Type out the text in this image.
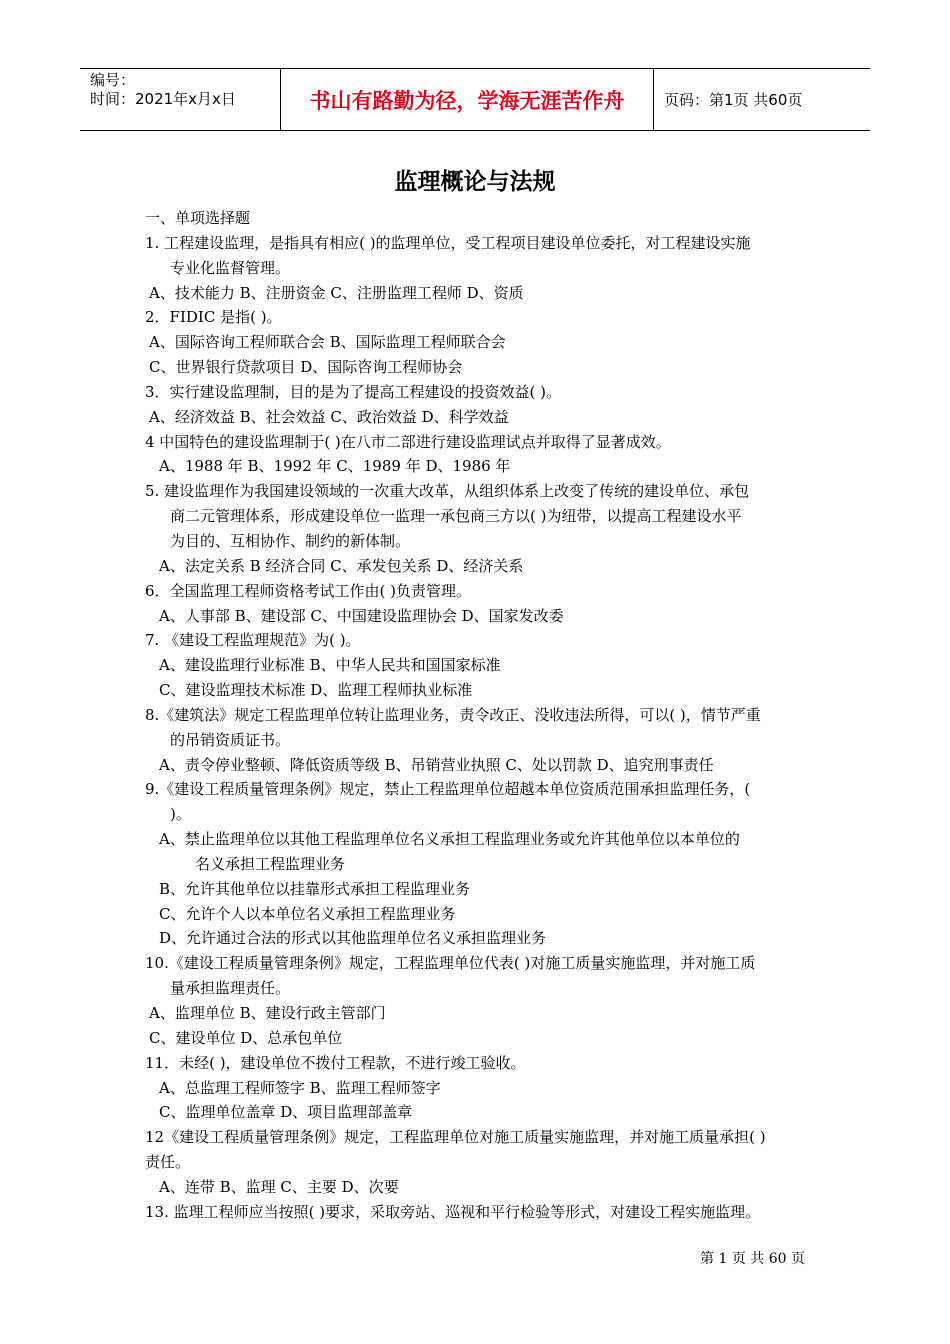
编号：
时间：2021年x月x日	书山有路勤为径，学海无涯苦作舟	页码：第1页 共60页
监理概论与法规
一、单项选择题
1. 工程建设监理，是指具有相应( )的监理单位，受工程项目建设单位委托，对工程建设实施
专业化监督管理。
A、技术能力 B、注册资金 C、注册监理工程师 D、资质
2．FIDIC 是指( )。
A、国际咨询工程师联合会 B、国际监理工程师联合会
C、世界银行贷款项目 D、国际咨询工程师协会
3．实行建设监理制，目的是为了提高工程建设的投资效益( )。
A、经济效益 B、社会效益 C、政治效益 D、科学效益
4 中国特色的建设监理制于( )在八市二部进行建设监理试点并取得了显著成效。
A、1988 年 B、1992 年 C、1989 年 D、1986 年
5. 建设监理作为我国建设领域的一次重大改革，从组织体系上改变了传统的建设单位、承包
商二元管理体系，形成建设单位一监理一承包商三方以( )为纽带，以提高工程建设水平
为目的、互相协作、制约的新体制。
A、法定关系 B 经济合同 C、承发包关系 D、经济关系
6．全国监理工程师资格考试工作由( )负责管理。
A、人事部 B、建设部 C、中国建设监理协会 D、国家发改委
7. 《建设工程监理规范》为( )。
A、建设监理行业标准 B、中华人民共和国国家标准
C、建设监理技术标准 D、监理工程师执业标准
8.《建筑法》规定工程监理单位转让监理业务，责令改正、没收违法所得，可以( )，情节严重
的吊销资质证书。
A、责令停业整顿、降低资质等级 B、吊销营业执照 C、处以罚款 D、追究刑事责任
9.《建设工程质量管理条例》规定，禁止工程监理单位超越本单位资质范围承担监理任务，(
)。
A、禁止监理单位以其他工程监理单位名义承担工程监理业务或允许其他单位以本单位的
名义承担工程监理业务
B、允许其他单位以挂靠形式承担工程监理业务
C、允许个人以本单位名义承担工程监理业务
D、允许通过合法的形式以其他监理单位名义承担监理业务
10.《建设工程质量管理条例》规定，工程监理单位代表( )对施工质量实施监理，并对施工质
量承担监理责任。
A、监理单位 B、建设行政主管部门
C、建设单位 D、总承包单位
11．未经( )，建设单位不拨付工程款，不进行竣工验收。
A、总监理工程师签字 B、监理工程师签字
C、监理单位盖章 D、项目监理部盖章
12《建设工程质量管理条例》规定，工程监理单位对施工质量实施监理，并对施工质量承担( )
责任。
A、连带 B、监理 C、主要 D、次要
13. 监理工程师应当按照( )要求，采取旁站、巡视和平行检验等形式，对建设工程实施监理。
第 1 页 共 60 页
